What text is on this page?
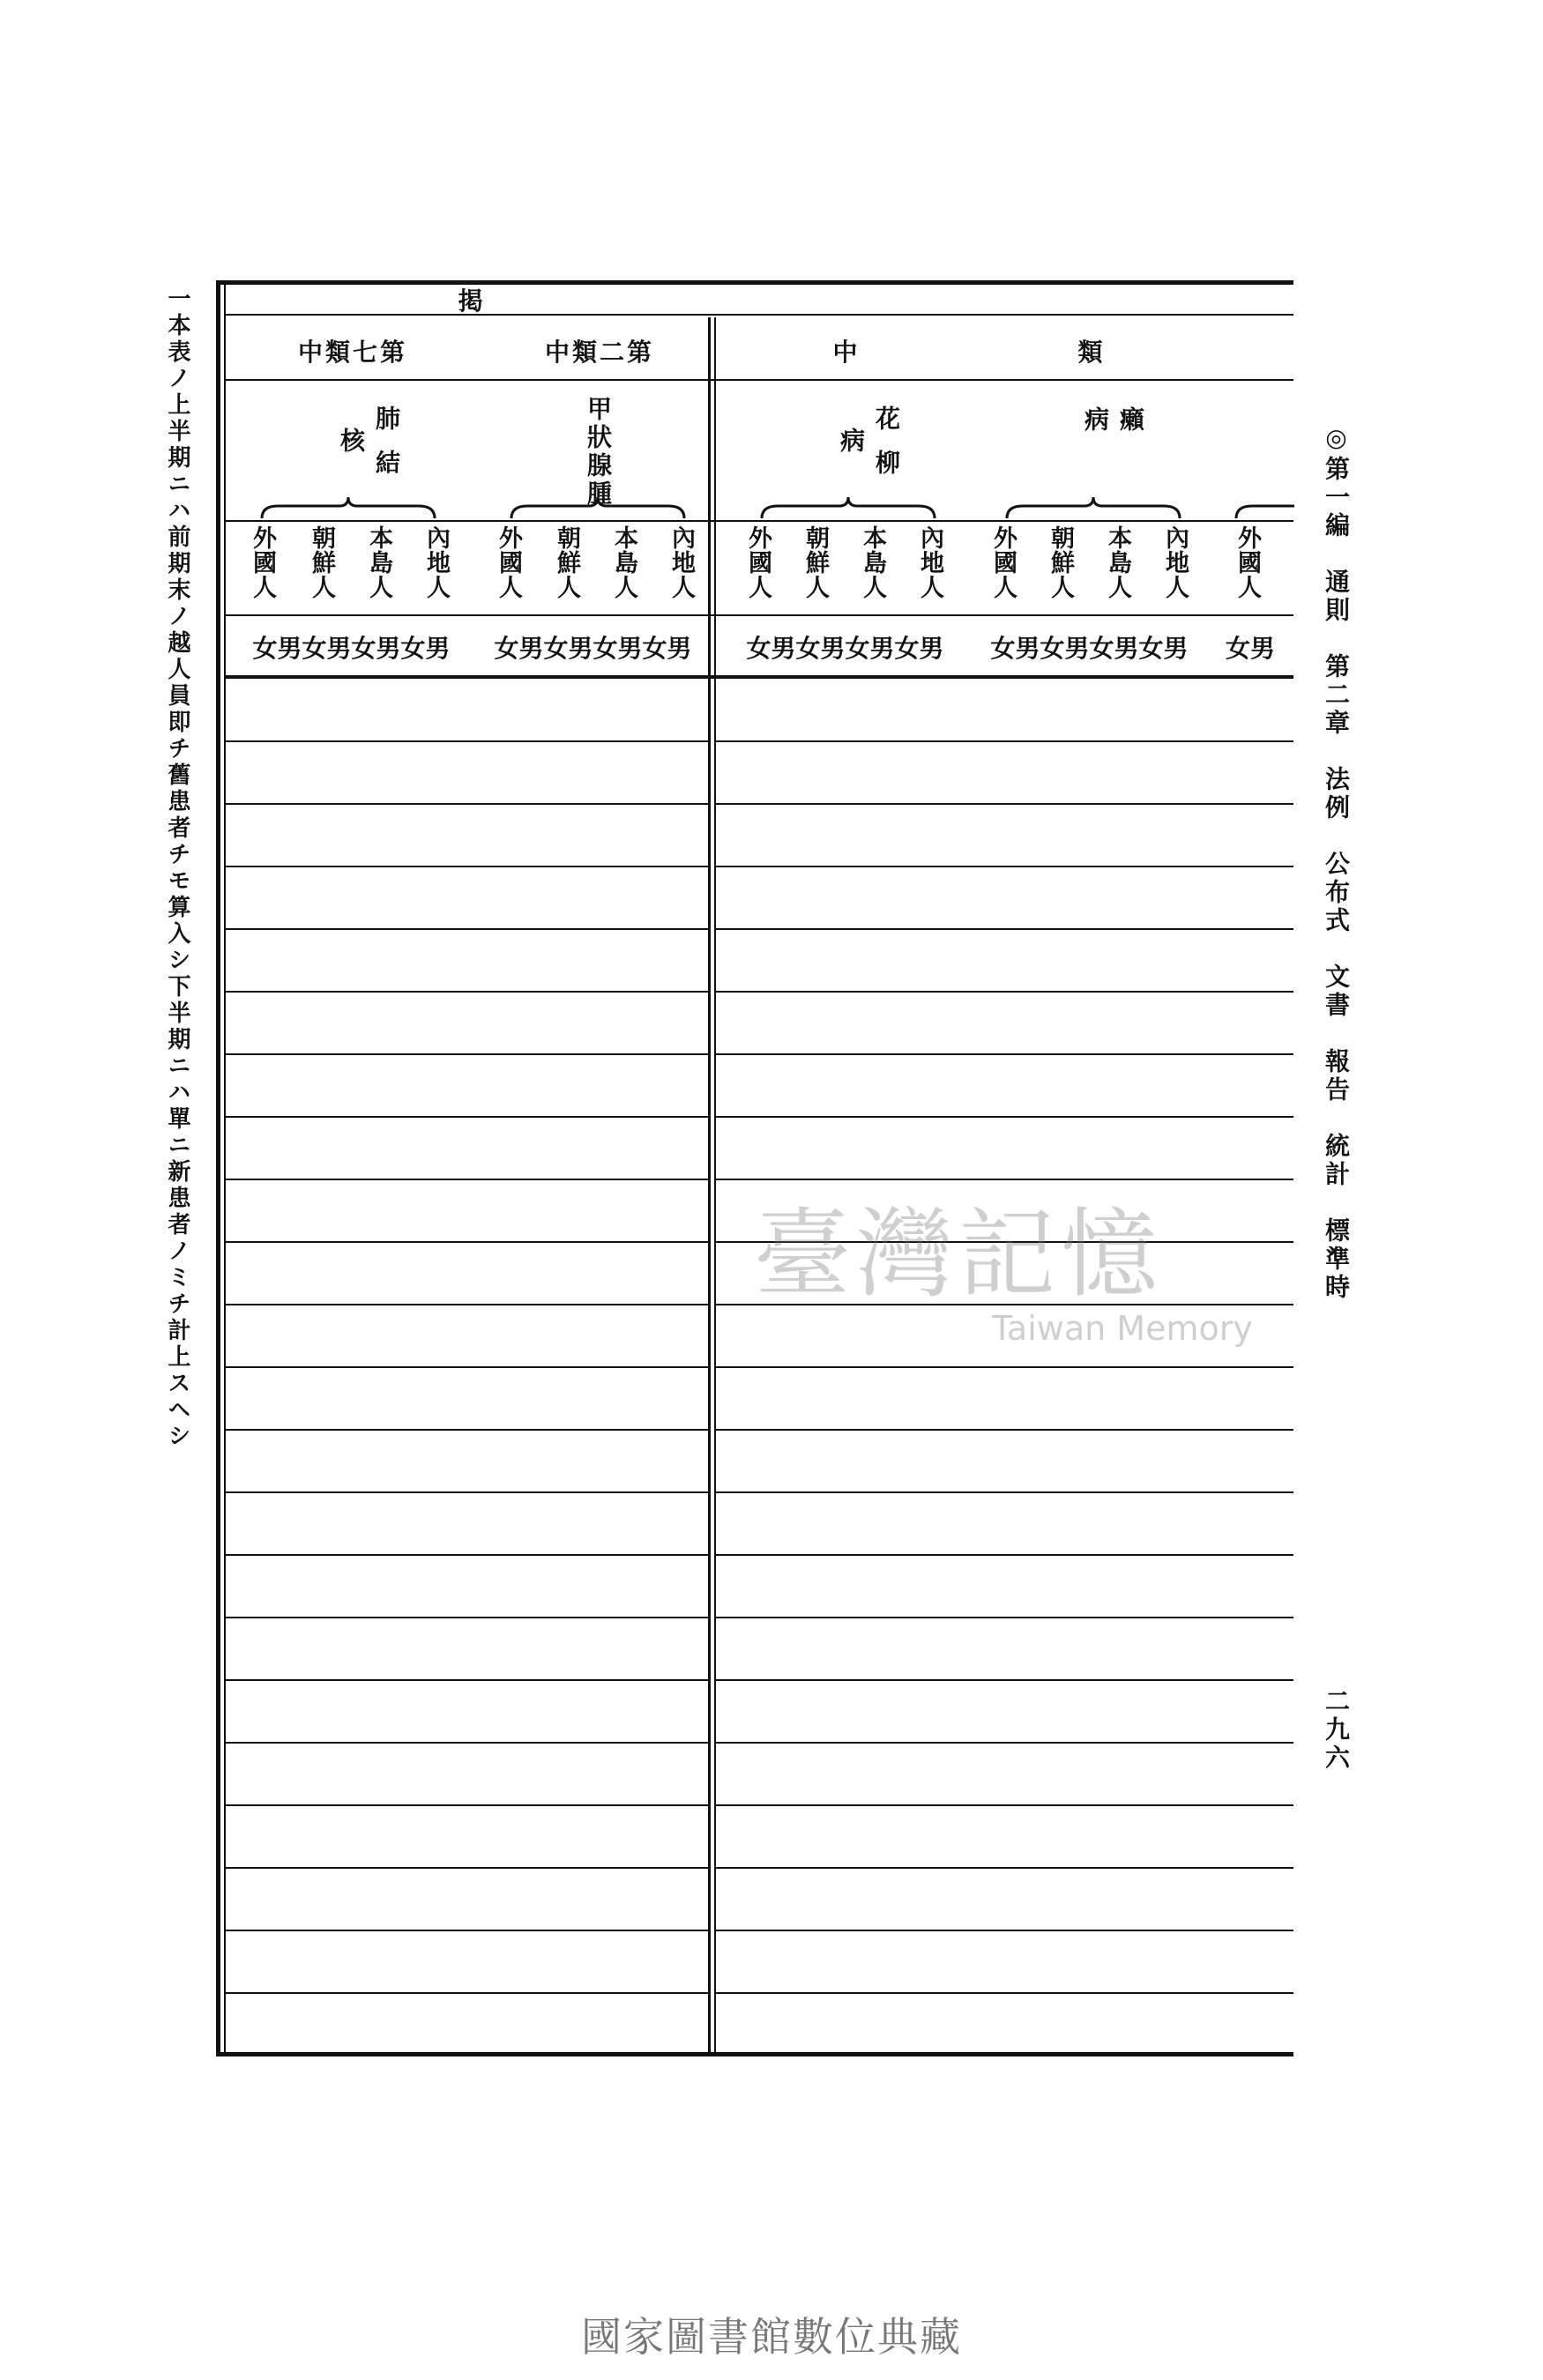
一本表ノ上半期ニハ前期末ノ越人員即チ舊患者チモ算入シ下半期ニハ單ニ新患者ノミチ計上スヘシ	◎第一編　通則　第二章　法例　公布式　文書　報告　統計　標準時
二九六
掲
中類七第	中類二第	中	類
肺結核	甲狀腺腫	花柳病	癩病
外國人 朝鮮人 本島人 內地人 外國人 朝鮮人 本島人 內地人 外國人 朝鮮人 本島人 內地人 外國人 朝鮮人 本島人 內地人 外國人
女男女男女男女男	女男女男女男女男	女男女男女男女男	女男女男女男女男	女男
臺灣記憶
Taiwan Memory
國家圖書館數位典藏
